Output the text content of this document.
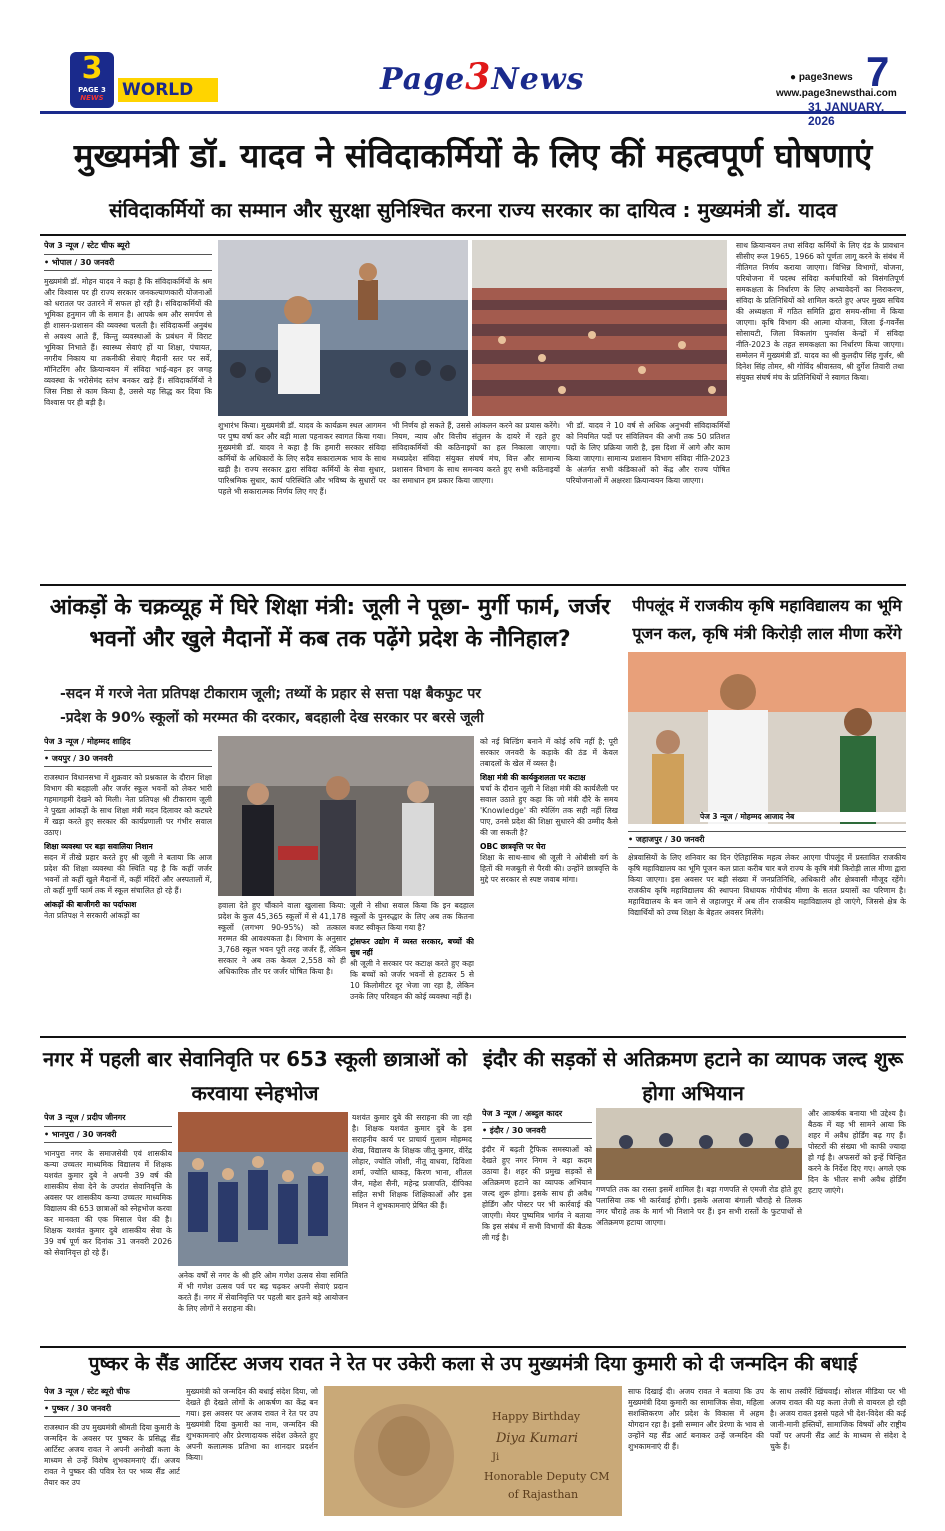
3
PAGE 3
NEWS	WORLD	Page3News	● page3news
www.page3newsthai.com
7
31 JANUARY, 2026
मुख्यमंत्री डॉ. यादव ने संविदाकर्मियों के लिए कीं महत्वपूर्ण घोषणाएं
संविदाकर्मियों का सम्मान और सुरक्षा सुनिश्चित करना राज्य सरकार का दायित्व : मुख्यमंत्री डॉ. यादव
पेज 3 न्यूज / स्टेट चीफ ब्यूरो
• भोपाल / 30 जनवरी
मुख्यमंत्री डॉ. मोहन यादव ने कहा है कि संविदाकर्मियों के श्रम और विश्वास पर ही राज्य सरकार जनकल्याणकारी योजनाओं को धरातल पर उतारने में सफल हो रही है। संविदाकर्मियों की भूमिका हनुमान जी के समान है। आपके श्रम और समर्पण से ही शासन-प्रशासन की व्यवस्था चलती है। संविदाकर्मी अनुबंध से अवश्य आते हैं, किन्तु व्यवस्थाओं के प्रबंधन में विराट भूमिका निभाते हैं। स्वास्थ्य सेवाएं हों या शिक्षा, पंचायत, नगरीय निकाय या तकनीकी सेवाएं मैदानी स्तर पर सर्वे, मॉनिटरिंग और क्रियान्वयन में संविदा भाई-बहन हर जगह व्यवस्था के भरोसेमंद स्तंभ बनकर खड़े हैं। संविदाकर्मियों ने जिस निष्ठा से काम किया है, उससे यह सिद्ध कर दिया कि विश्वास पर ही बड़ी है।
शुभारंभ किया। मुख्यमंत्री डॉ. यादव के कार्यक्रम स्थल आगमन पर पुष्प वर्षा कर और बड़ी माला पहनाकर स्वागत किया गया। मुख्यमंत्री डॉ. यादव ने कहा है कि हमारी सरकार संविदा कर्मियों के अधिकारों के लिए सदैव सकारात्मक भाव के साथ खड़ी है। राज्य सरकार द्वारा संविदा कर्मियों के सेवा सुधार, पारिश्रमिक सुधार, कार्य परिस्थिति और भविष्य के सुधारों पर पहले भी सकारात्मक निर्णय लिए गए हैं।
भी निर्णय हो सकते हैं, उससे आंकलन करने का प्रयास करेंगे। नियम, न्याय और वित्तीय संतुलन के दायरे में रहते हुए संविदाकर्मियों की कठिनाइयों का हल निकाला जाएगा। मध्यप्रदेश संविदा संयुक्त संघर्ष मंच, वित्त और सामान्य प्रशासन विभाग के साथ समन्वय करते हुए सभी कठिनाइयों का समाधान हम प्रकार किया जाएगा।
भी डॉ. यादव ने 10 वर्ष से अधिक अनुभवी संविदाकर्मियों को नियमित पदों पर संविलियन की अभी तक 50 प्रतिशत पदों के लिए प्रक्रिया जारी है, इस दिशा में आगे और काम किया जाएगा। सामान्य प्रशासन विभाग संविदा नीति-2023 के अंतर्गत सभी कंडिकाओं को केंद्र और राज्य पोषित परियोजनाओं में अक्षरशः क्रियान्वयन किया जाएगा।
साथ क्रियान्वयन तथा संविदा कर्मियों के लिए दंड के प्रावधान सीसीए रूल 1965, 1966 को पूर्णतः लागू करने के संबंध में नीतिगत निर्णय कराया जाएगा। विभिन्न विभागों, योजना, परियोजना में पदस्थ संविदा कर्मचारियों को विसंगतिपूर्ण समकक्षता के निर्धारण के लिए अभ्यावेदनों का निराकरण, संविदा के प्रतिनिधियों को शामिल करते हुए अपर मुख्य सचिव की अध्यक्षता में गठित समिति द्वारा समय-सीमा में किया जाएगा। कृषि विभाग की आत्मा योजना, जिला ई-गवर्नेंस सोसायटी, जिला विकलांग पुनर्वास केन्द्रों में संविदा नीति-2023 के तहत समकक्षता का निर्धारण किया जाएगा। सम्मेलन में मुख्यमंत्री डॉ. यादव का श्री कुलदीप सिंह गुर्जर, श्री दिनेश सिंह तोमर, श्री गोविंद श्रीवास्तव, श्री दुर्गेश तिवारी तथा संयुक्त संघर्ष मंच के प्रतिनिधियों ने स्वागत किया।
आंकड़ों के चक्रव्यूह में घिरे शिक्षा मंत्री: जूली ने पूछा- मुर्गी फार्म, जर्जर भवनों और खुले मैदानों में कब तक पढ़ेंगे प्रदेश के नौनिहाल?
-सदन में गरजे नेता प्रतिपक्ष टीकाराम जूली; तथ्यों के प्रहार से सत्ता पक्ष बैकफुट पर
-प्रदेश के 90% स्कूलों को मरम्मत की दरकार, बदहाली देख सरकार पर बरसे जूली
पेज 3 न्यूज / मोहम्मद शाहिद
• जयपुर / 30 जनवरी
राजस्थान विधानसभा में शुक्रवार को प्रश्नकाल के दौरान शिक्षा विभाग की बदहाली और जर्जर स्कूल भवनों को लेकर भारी गहमागहमी देखने को मिली। नेता प्रतिपक्ष श्री टीकाराम जूली ने पुख्ता आंकड़ों के साथ शिक्षा मंत्री मदन दिलावर को कटघरे में खड़ा करते हुए सरकार की कार्यप्रणाली पर गंभीर सवाल उठाए।
शिक्षा व्यवस्था पर बड़ा सवालिया निशान
सदन में तीखे प्रहार करते हुए श्री जूली ने बताया कि आज प्रदेश की शिक्षा व्यवस्था की स्थिति यह है कि कहीं जर्जर भवनों तो कहीं खुले मैदानों में, कहीं मंदिरों और अस्पतालों में, तो कहीं मुर्गी फार्म तक में स्कूल संचालित हो रहे हैं।
आंकड़ों की बाजीगरी का पर्दाफाश
नेता प्रतिपक्ष ने सरकारी आंकड़ों का
हवाला देते हुए चौंकाने वाला खुलासा किया: प्रदेश के कुल 45,365 स्कूलों में से 41,178 स्कूलों (लगभग 90-95%) को तत्काल मरम्मत की आवश्यकता है। विभाग के अनुसार 3,768 स्कूल भवन पूरी तरह जर्जर हैं, लेकिन सरकार ने अब तक केवल 2,558 को ही अधिकारिक तौर पर जर्जर घोषित किया है।
जूली ने सीधा सवाल किया कि इन बदहाल स्कूलों के पुनरुद्धार के लिए अब तक कितना बजट स्वीकृत किया गया है?
ट्रांसफर उद्योग में व्यस्त सरकार, बच्चों की सुध नहीं
श्री जूली ने सरकार पर कटाक्ष करते हुए कहा कि बच्चों को जर्जर भवनों से हटाकर 5 से 10 किलोमीटर दूर भेजा जा रहा है, लेकिन उनके लिए परिवहन की कोई व्यवस्था नहीं है।
को नई बिल्डिंग बनाने में कोई रुचि नहीं है; पूरी सरकार जनवरी के कड़ाके की ठंड में केवल तबादलों के खेल में व्यस्त है।
शिक्षा मंत्री की कार्यकुशलता पर कटाक्ष
चर्चा के दौरान जूली ने शिक्षा मंत्री की कार्यशैली पर सवाल उठाते हुए कहा कि जो मंत्री दौरे के समय 'Knowledge' की स्पेलिंग तक सही नहीं लिख पाए, उनसे प्रदेश की शिक्षा सुधारने की उम्मीद कैसे की जा सकती है?
OBC छात्रवृत्ति पर घेरा
शिक्षा के साथ-साथ श्री जूली ने ओबीसी वर्ग के हितों की मजबूती से पैरवी की। उन्होंने छात्रवृत्ति के मुद्दे पर सरकार से स्पष्ट जवाब मांगा।
पीपलूंद में राजकीय कृषि महाविद्यालय का भूमि पूजन कल, कृषि मंत्री किरोड़ी लाल मीणा करेंगे
पेज 3 न्यूज / मोहम्मद आजाद नेब
• जहाजपुर / 30 जनवरी
क्षेत्रवासियों के लिए शनिवार का दिन ऐतिहासिक महत्व लेकर आएगा पीपलूंद में प्रस्तावित राजकीय कृषि महाविद्यालय का भूमि पूजन कल प्रातः करीब चार बजे राज्य के कृषि मंत्री किरोड़ी लाल मीणा द्वारा किया जाएगा। इस अवसर पर बड़ी संख्या में जनप्रतिनिधि, अधिकारी और क्षेत्रवासी मौजूद रहेंगे। राजकीय कृषि महाविद्यालय की स्थापना विधायक गोपीचंद मीणा के सतत प्रयासों का परिणाम है। महाविद्यालय के बन जाने से जहाजपुर में अब तीन राजकीय महाविद्यालय हो जाएंगे, जिससे क्षेत्र के विद्यार्थियों को उच्च शिक्षा के बेहतर अवसर मिलेंगे।
नगर में पहली बार सेवानिवृति पर 653 स्कूली छात्राओं को करवाया स्नेहभोज
पेज 3 न्यूज / प्रदीप जीनगर
• भानपुरा / 30 जनवरी
भानपुरा नगर के समाजसेवी एवं शासकीय कन्या उच्चतर माध्यमिक विद्यालय में शिक्षक यशवंत कुमार दुबे ने अपनी 39 वर्ष की शासकीय सेवा देने के उपरांत सेवानिवृत्ति के अवसर पर शासकीय कन्या उच्चतर माध्यमिक विद्यालय की 653 छात्राओं को स्नेहभोज करवा कर मानवता की एक मिसाल पेश की है। शिक्षक यशवंत कुमार दुबे शासकीय सेवा के 39 वर्ष पूर्ण कर दिनांक 31 जनवरी 2026 को सेवानिवृत्त हो रहे हैं।
अनेक वर्षों से नगर के श्री हरि ओम गणेश उत्सव सेवा समिति में भी गणेश उत्सव पर्व पर बढ़ चढ़कर अपनी सेवाएं प्रदान करते हैं। नगर में सेवानिवृत्ति पर पहली बार इतने बड़े आयोजन के लिए लोगों ने सराहना की।
यशवंत कुमार दुबे की सराहना की जा रही है। शिक्षक यशवंत कुमार दुबे के इस सराहनीय कार्य पर प्राचार्य गुलाम मोहम्मद शेख, विद्यालय के शिक्षक जीतू कुमार, वीरेंद्र लोहार, ज्योति जोशी, नीतू वाधवा, दिविशा शर्मा, ज्योति धाकड़, किरण भाना, शीतल जैन, महेश सैनी, महेन्द्र प्रजापति, दीपिका सहित सभी शिक्षक शिक्षिकाओं और इस मिशन ने शुभकामनाएं प्रेषित की हैं।
इंदौर की सड़कों से अतिक्रमण हटाने का व्यापक जल्द शुरू होगा अभियान
पेज 3 न्यूज / अब्दुल कादर
• इंदौर / 30 जनवरी
इंदौर में बढ़ती ट्रैफिक समस्याओं को देखते हुए नगर निगम ने बड़ा कदम उठाया है। शहर की प्रमुख सड़कों से अतिक्रमण हटाने का व्यापक अभियान जल्द शुरू होगा। इसके साथ ही अवैध होर्डिंग और पोस्टर पर भी कार्रवाई की जाएगी। मेयर पुष्यमित्र भार्गव ने बताया कि इस संबंध में सभी विभागों की बैठक ली गई है।
गणपति तक का रास्ता इसमें शामिल है। बड़ा गणपति से एमजी रोड होते हुए पलासिया तक भी कार्रवाई होगी। इसके अलावा बंगाली चौराहे से तिलक नगर चौराहे तक के मार्ग भी निशाने पर हैं। इन सभी रास्तों के फुटपाथों से अतिक्रमण हटाया जाएगा।
और आकर्षक बनाया भी उद्देश्य है। बैठक में यह भी सामने आया कि शहर में अवैध होर्डिंग बढ़ गए हैं। पोस्टरों की संख्या भी काफी ज्यादा हो गई है। अफसरों को इन्हें चिन्हित करने के निर्देश दिए गए। अगले एक दिन के भीतर सभी अवैध होर्डिंग हटाए जाएंगे।
पुष्कर के सैंड आर्टिस्ट अजय रावत ने रेत पर उकेरी कला से उप मुख्यमंत्री दिया कुमारी को दी जन्मदिन की बधाई
पेज 3 न्यूज / स्टेट ब्यूरो चीफ
• पुष्कर / 30 जनवरी
राजस्थान की उप मुख्यमंत्री श्रीमती दिया कुमारी के जन्मदिन के अवसर पर पुष्कर के प्रसिद्ध सैंड आर्टिस्ट अजय रावत ने अपनी अनोखी कला के माध्यम से उन्हें विशेष शुभकामनाएं दीं। अजय रावत ने पुष्कर की पवित्र रेत पर भव्य सैंड आर्ट तैयार कर उप
मुख्यमंत्री को जन्मदिन की बधाई संदेश दिया, जो देखते ही देखते लोगों के आकर्षण का केंद्र बन गया। इस अवसर पर अजय रावत ने रेत पर उप मुख्यमंत्री दिया कुमारी का नाम, जन्मदिन की शुभकामनाएं और प्रेरणादायक संदेश उकेरते हुए अपनी कलात्मक प्रतिभा का शानदार प्रदर्शन किया।
Happy Birthday
Diya Kumari
Ji
Honorable Deputy CM
of Rajasthan
साफ दिखाई दी। अजय रावत ने बताया कि उप मुख्यमंत्री दिया कुमारी का सामाजिक सेवा, महिला सशक्तिकरण और प्रदेश के विकास में अहम योगदान रहा है। इसी सम्मान और प्रेरणा के भाव से उन्होंने यह सैंड आर्ट बनाकर उन्हें जन्मदिन की शुभकामनाएं दी हैं।
के साथ तस्वीरें खिंचवाईं। सोशल मीडिया पर भी अजय रावत की यह कला तेजी से वायरल हो रही है। अजय रावत इससे पहले भी देश-विदेश की कई जानी-मानी हस्तियों, सामाजिक विषयों और राष्ट्रीय पर्वों पर अपनी सैंड आर्ट के माध्यम से संदेश दे चुके हैं।
